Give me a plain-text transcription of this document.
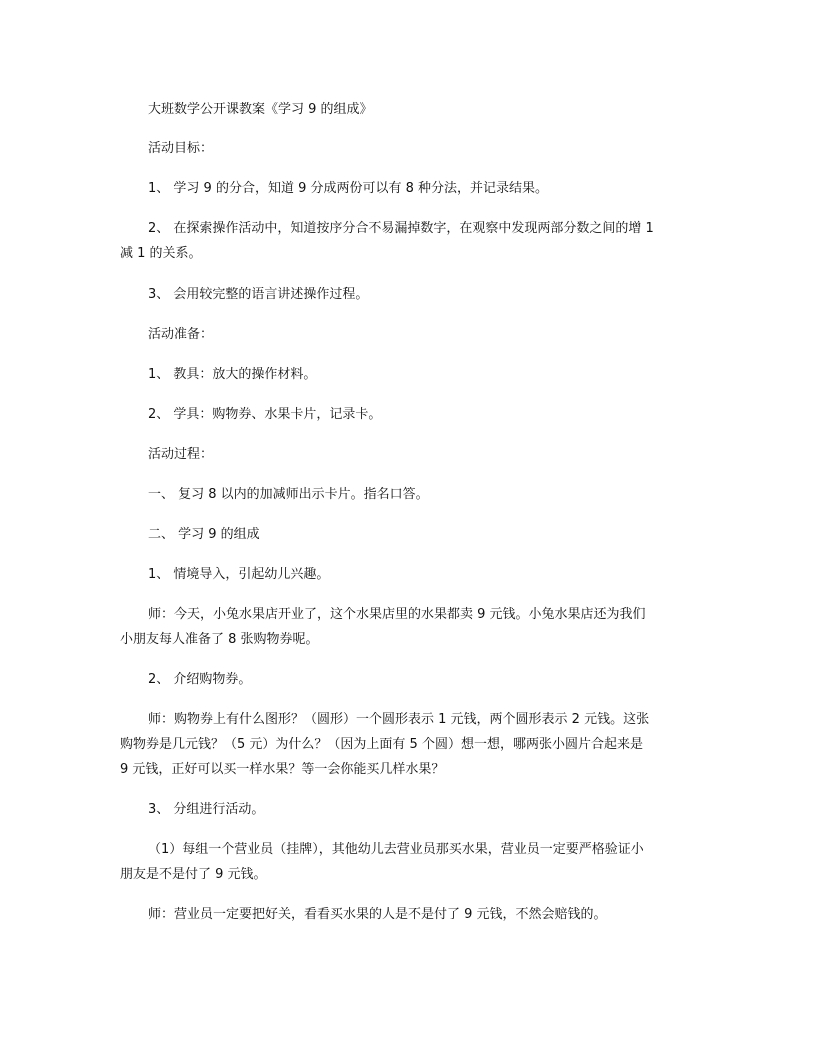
大班数学公开课教案《学习 9 的组成》
活动目标：
1、 学习 9 的分合，知道 9 分成两份可以有 8 种分法，并记录结果。
2、 在探索操作活动中，知道按序分合不易漏掉数字，在观察中发现两部分数之间的增 1
减 1 的关系。
3、 会用较完整的语言讲述操作过程。
活动准备：
1、 教具：放大的操作材料。
2、 学具：购物券、水果卡片，记录卡。
活动过程：
一、 复习 8 以内的加减师出示卡片。指名口答。
二、 学习 9 的组成
1、 情境导入，引起幼儿兴趣。
师：今天，小兔水果店开业了，这个水果店里的水果都卖 9 元钱。小兔水果店还为我们
小朋友每人准备了 8 张购物券呢。
2、 介绍购物券。
师：购物券上有什么图形？（圆形）一个圆形表示 1 元钱，两个圆形表示 2 元钱。这张
购物券是几元钱？（5 元）为什么？（因为上面有 5 个圆）想一想，哪两张小圆片合起来是
9 元钱，正好可以买一样水果？等一会你能买几样水果？
3、 分组进行活动。
（1）每组一个营业员（挂牌），其他幼儿去营业员那买水果，营业员一定要严格验证小
朋友是不是付了 9 元钱。
师：营业员一定要把好关，看看买水果的人是不是付了 9 元钱，不然会赔钱的。
